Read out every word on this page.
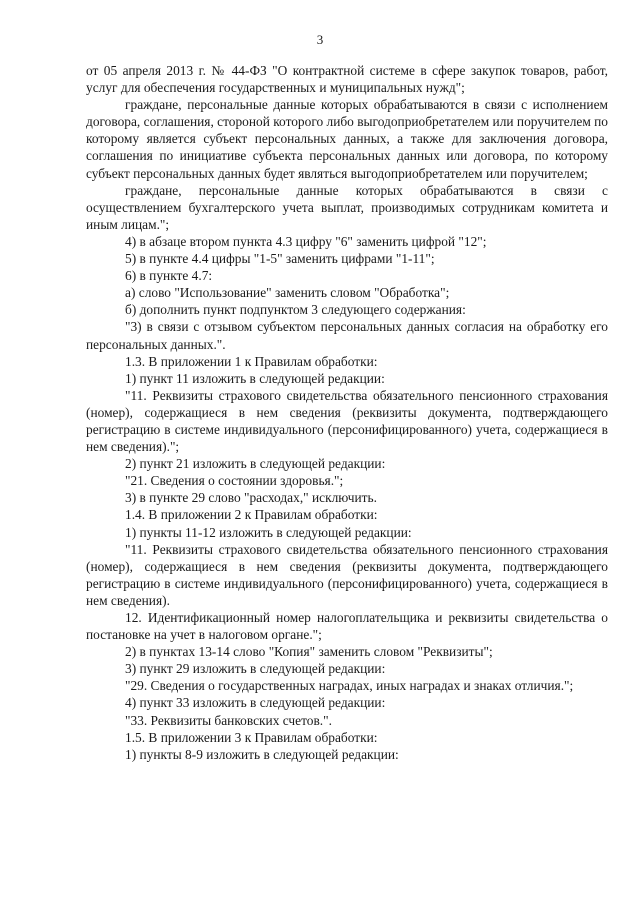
3

от 05 апреля 2013 г. № 44-ФЗ "О контрактной системе в сфере закупок товаров, работ, услуг для обеспечения государственных и муниципальных нужд";

граждане, персональные данные которых обрабатываются в связи с исполнением договора, соглашения, стороной которого либо выгодоприобретателем или поручителем по которому является субъект персональных данных, а также для заключения договора, соглашения по инициативе субъекта персональных данных или договора, по которому субъект персональных данных будет являться выгодоприобретателем или поручителем;

граждане, персональные данные которых обрабатываются в связи с осуществлением бухгалтерского учета выплат, производимых сотрудникам комитета и иным лицам.";

4) в абзаце втором пункта 4.3 цифру "6" заменить цифрой "12";

5) в пункте 4.4 цифры "1-5" заменить цифрами "1-11";

6) в пункте 4.7:

а) слово "Использование" заменить словом "Обработка";

б) дополнить пункт подпунктом 3 следующего содержания:

"3) в связи с отзывом субъектом персональных данных согласия на обработку его персональных данных.".

1.3. В приложении 1 к Правилам обработки:

1) пункт 11 изложить в следующей редакции:

"11. Реквизиты страхового свидетельства обязательного пенсионного страхования (номер), содержащиеся в нем сведения (реквизиты документа, подтверждающего регистрацию в системе индивидуального (персонифицированного) учета, содержащиеся в нем сведения).";

2) пункт 21 изложить в следующей редакции:

"21. Сведения о состоянии здоровья.";

3) в пункте 29 слово "расходах," исключить.

1.4. В приложении 2 к Правилам обработки:

1) пункты 11-12 изложить в следующей редакции:

"11. Реквизиты страхового свидетельства обязательного пенсионного страхования (номер), содержащиеся в нем сведения (реквизиты документа, подтверждающего регистрацию в системе индивидуального (персонифицированного) учета, содержащиеся в нем сведения).

12. Идентификационный номер налогоплательщика и реквизиты свидетельства о постановке на учет в налоговом органе.";

2) в пунктах 13-14 слово "Копия" заменить словом "Реквизиты";

3) пункт 29 изложить в следующей редакции:

"29. Сведения о государственных наградах, иных наградах и знаках отличия.";

4) пункт 33 изложить в следующей редакции:

"33. Реквизиты банковских счетов.".

1.5. В приложении 3 к Правилам обработки:

1) пункты 8-9 изложить в следующей редакции:
